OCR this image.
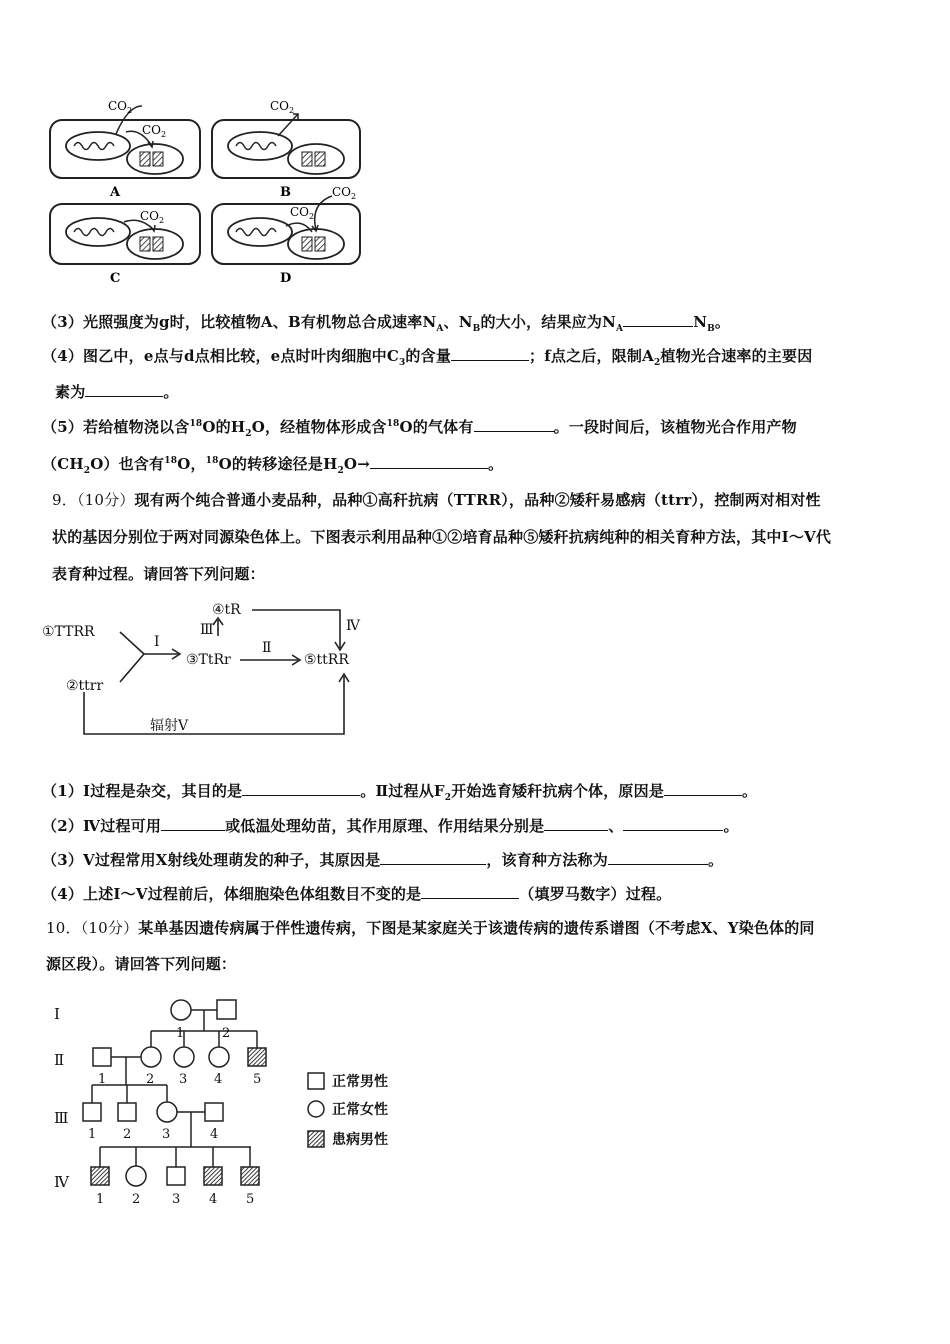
$CO_2$
$CO_2$
A
$CO_2$
B
$CO_2$
C
$CO_2$
$CO_2$
D
（3）光照强度为g时，比较植物A、B有机物总合成速率$N_A$、$N_B$的大小，结果应为$N_A$	$N_B$。
（4）图乙中，e点与d点相比较，e点时叶肉细胞中$C_3$的含量	；f点之后，限制$A_2$植物光合速率的主要因
素为	。
（5）若给植物浇以含$^{18}$O的$H_2O$，经植物体形成含$^{18}$O的气体有	。一段时间后，该植物光合作用产物
$(CH_2O)$也含有$^{18}$O，$^{18}$O的转移途径是$H_2O\to$	。
9．（10分）现有两个纯合普通小麦品种，品种①高秆抗病（TTRR），品种②矮秆易感病（ttrr），控制两对相对性
状的基因分别位于两对同源染色体上。下图表示利用品种①②培育品种⑤矮秆抗病纯种的相关育种方法，其中Ⅰ～Ⅴ代
表育种过程。请回答下列问题：
①TTRR
②ttrr
③TtRr
④tR
⑤ttRR
Ⅰ	Ⅱ
Ⅲ	Ⅳ
辐射Ⅴ
（1）Ⅰ过程是杂交，其目的是	。Ⅱ过程从$F_2$开始选育矮秆抗病个体，原因是	。
（2）Ⅳ过程可用	或低温处理幼苗，其作用原理、作用结果分别是	、	。
（3）Ⅴ过程常用X射线处理萌发的种子，其原因是	，该育种方法称为	。
（4）上述Ⅰ～Ⅴ过程前后，体细胞染色体组数目不变的是	（填罗马数字）过程。
10．（10分）某单基因遗传病属于伴性遗传病，下图是某家庭关于该遗传病的遗传系谱图（不考虑X、Y染色体的同
源区段）。请回答下列问题：
Ⅰ
Ⅱ
Ⅲ
Ⅳ
1	2
1	2 3 4 5
1 2 3	4
1 2 3 4 5
正常男性
正常女性
患病男性
